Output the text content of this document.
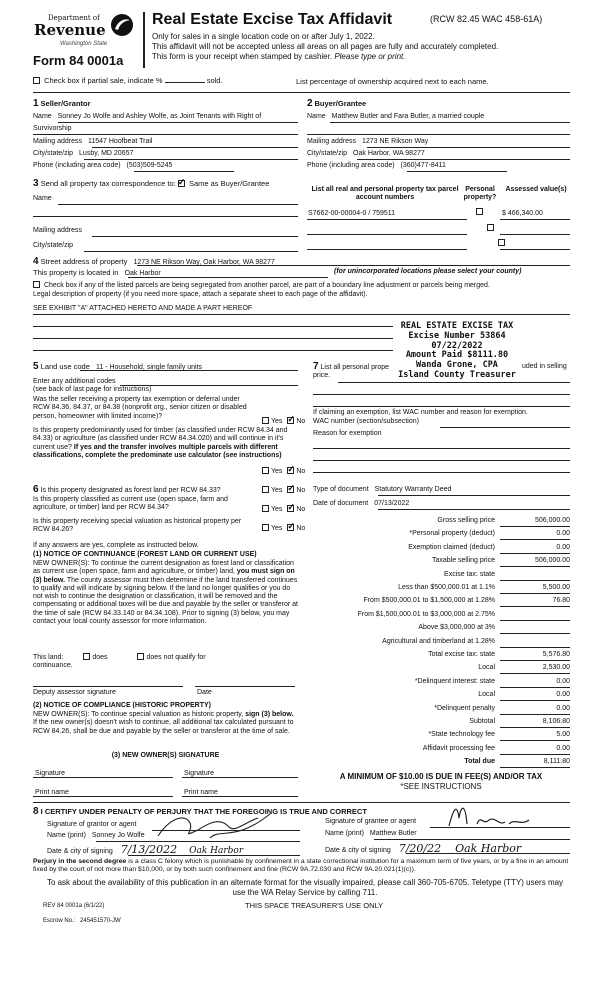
Department of
Revenue
Washington State
Form 84 0001a
Real Estate Excise Tax Affidavit	(RCW 82.45 WAC 458-61A)
Only for sales in a single location code on or after July 1, 2022.
This affidavit will not be accepted unless all areas on all pages are fully and accurately completed.
This form is your receipt when stamped by cashier. Please type or print.
Check box if partial sale, indicate %	sold.	List percentage of ownership acquired next to each name.
1 Seller/Grantor	2 Buyer/Grantee
Name Sonney Jo Wolfe and Ashley Wolfe, as Joint Tenants with Right of
Survivorship
Mailing address 11547 Hoofbeat Trail
City/state/zip Lusby, MD 20657
Phone (including area code) (503)509-5245
Name Matthew Butler and Fara Butler, a married couple
Mailing address 1273 NE Rikson Way
City/state/zip Oak Harbor, WA 98277
Phone (including area code) (360)477-8411
3 Send all property tax correspondence to: ✓ Same as Buyer/Grantee
Name
Mailing address
City/state/zip
List all real and personal property tax parcel account numbers
Personal property?
Assessed value(s)
S7662-00-00004-0 / 759511
	$ 466,340.00

4 Street address of property 1273 NE Rikson Way, Oak Harbor, WA 98277
This property is located in Oak Harbor	(for unincorporated locations please select your county)
Check box if any of the listed parcels are being segregated from another parcel, are part of a boundary line adjustment or parcels being merged.
Legal description of property (if you need more space, attach a separate sheet to each page of the affidavit).
SEE EXHIBIT "A" ATTACHED HERETO AND MADE A PART HEREOF
REAL ESTATE EXCISE TAX
Excise Number 53864
07/22/2022
Amount Paid $8111.80
Wanda Grone, CPA
Island County Treasurer
5 Land use code 11 - Household, single family units
Enter any additional codes
(see back of last page for instructions)
Was the seller receiving a property tax exemption or deferral under RCW 84.36, 84.37, or 84.38 (nonprofit org., senior citizen or disabled person, homeowner with limited income)?
Yes ✓ No
Is this property predominantly used for timber (as classified under RCW 84.34 and 84.33) or agriculture (as classified under RCW 84.34.020) and will continue in it's current use? If yes and the transfer involves multiple parcels with different classifications, complete the predominate use calculator (see instructions)
Yes ✓ No
7 List all personal prope	uded in selling
price.
If claiming an exemption, list WAC number and reason for exemption.
WAC number (section/subsection)
Reason for exemption
6 Is this property designated as forest land per RCW 84.33?	Yes ✓ No
Is this property classified as current use (open space, farm and agriculture, or timber) land per RCW 84.34?	Yes ✓ No
Is this property receiving special valuation as historical property per RCW 84.26?	Yes ✓ No
If any answers are yes, complete as instructed below.
(1) NOTICE OF CONTINUANCE (FOREST LAND OR CURRENT USE)
NEW OWNER(S): To continue the current designation as forest land or classification as current use (open space, farm and agriculture, or timber) land, you must sign on (3) below. The county assessor must then determine if the land transferred continues to qualify and will indicate by signing below. If the land no longer qualifies or you do not wish to continue the designation or classification, it will be removed and the compensating or additional taxes will be due and payable by the seller or transferor at the time of sale (RCW 84.33.140 or 84.34.108). Prior to signing (3) below, you may contact your local county assessor for more information.
This land:	does	does not qualify for
continuance.
Deputy assessor signature	Date
(2) NOTICE OF COMPLIANCE (HISTORIC PROPERTY)
NEW OWNER(S): To continue special valuation as historic property, sign (3) below. If the new owner(s) doesn't wish to continue, all additional tax calculated pursuant to RCW 84.26, shall be due and payable by the seller or transferor at the time of sale.
(3) NEW OWNER(S) SIGNATURE
Signature	Signature
Print name	Print name
Type of document Statutory Warranty Deed
Date of document 07/13/2022
Gross selling price	506,000.00
*Personal property (deduct)	0.00
Exemption claimed (deduct)	0.00
Taxable selling price	506,000.00
Excise tax: state
Less than $500,000.01 at 1.1%	5,500.00
From $500,000.01 to $1,500,000 at 1.28%	76.80
From $1,500,000.01 to $3,000,000 at 2.75%
Above $3,000,000 at 3%
Agricultural and timberland at 1.28%
Total excise tax: state	5,576.80
Local	2,530.00
*Delinquent interest: state	0.00
Local	0.00
*Delinquent penalty	0.00
Subtotal	8,106.80
*State technology fee	5.00
Affidavit processing fee	0.00
Total due	8,111.80
A MINIMUM OF $10.00 IS DUE IN FEE(S) AND/OR TAX
*SEE INSTRUCTIONS
8 I CERTIFY UNDER PENALTY OF PERJURY THAT THE FOREGOING IS TRUE AND CORRECT
Signature of grantor or agent
Name (print) Sonney Jo Wolfe
Date & city of signing 7/13/2022 Oak Harbor
Signature of grantee or agent
Name (print) Matthew Butler
Date & city of signing 7/20/22 Oak Harbor
Perjury in the second degree is a class C felony which is punishable by confinement in a state correctional institution for a maximum term of five years, or by a fine in an amount fixed by the court of not more than $10,000, or by both such confinement and fine (RCW 9A.72.030 and RCW 9A.20.021(1)(c)).
To ask about the availability of this publication in an alternate format for the visually impaired, please call 360-705-6705. Teletype (TTY) users may use the WA Relay Service by calling 711.
REV 84 0001a (6/1/22)	THIS SPACE TREASURER'S USE ONLY
Escrow No.: 245451570-JW
